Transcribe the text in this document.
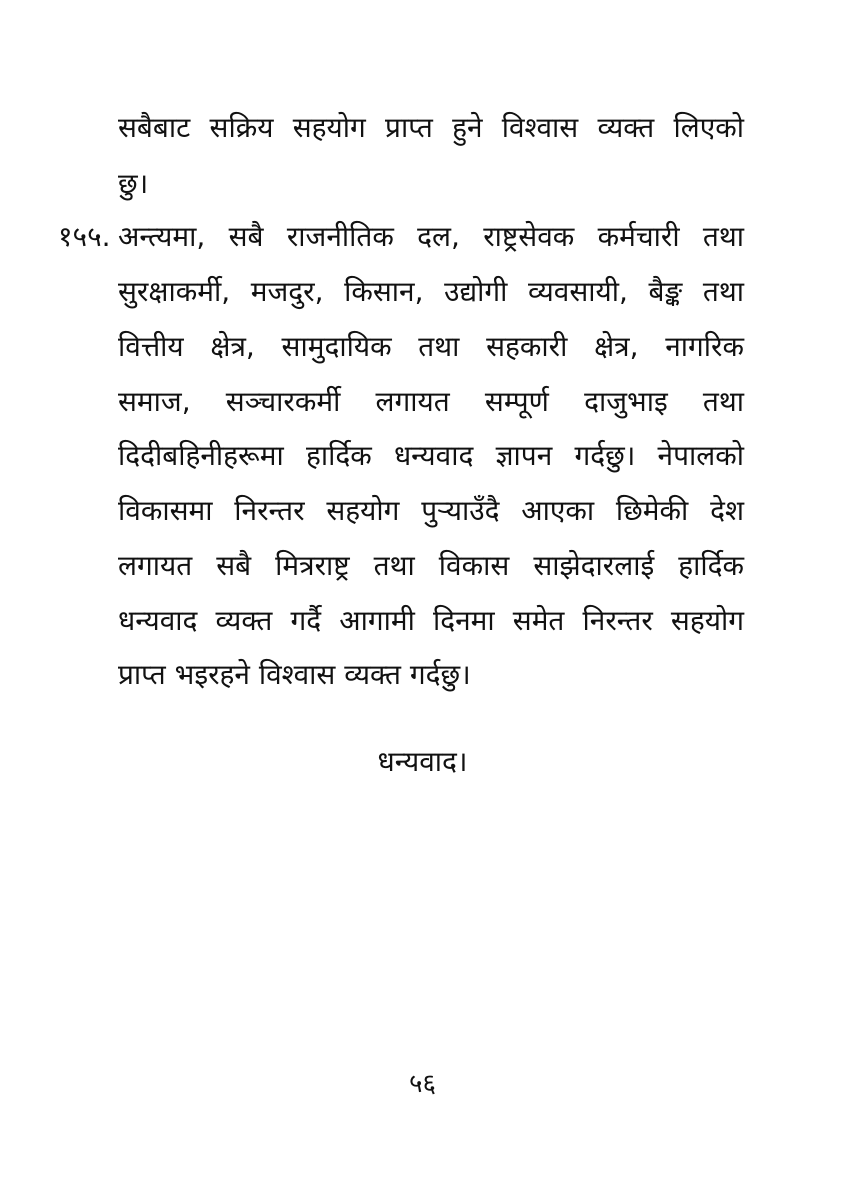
सबैबाट सक्रिय सहयोग प्राप्त हुने विश्वास व्यक्त लिएको
छु।
१५५. अन्त्यमा, सबै राजनीतिक दल, राष्ट्रसेवक कर्मचारी तथा
सुरक्षाकर्मी, मजदुर, किसान, उद्योगी व्यवसायी, बैङ्क तथा
वित्तीय क्षेत्र, सामुदायिक तथा सहकारी क्षेत्र, नागरिक
समाज, सञ्चारकर्मी लगायत सम्पूर्ण दाजुभाइ तथा
दिदीबहिनीहरूमा हार्दिक धन्यवाद ज्ञापन गर्दछु। नेपालको
विकासमा निरन्तर सहयोग पुऱ्याउँदै आएका छिमेकी देश
लगायत सबै मित्रराष्ट्र तथा विकास साझेदारलाई हार्दिक
धन्यवाद व्यक्त गर्दै आगामी दिनमा समेत निरन्तर सहयोग
प्राप्त भइरहने विश्वास व्यक्त गर्दछु।
धन्यवाद।
५६
